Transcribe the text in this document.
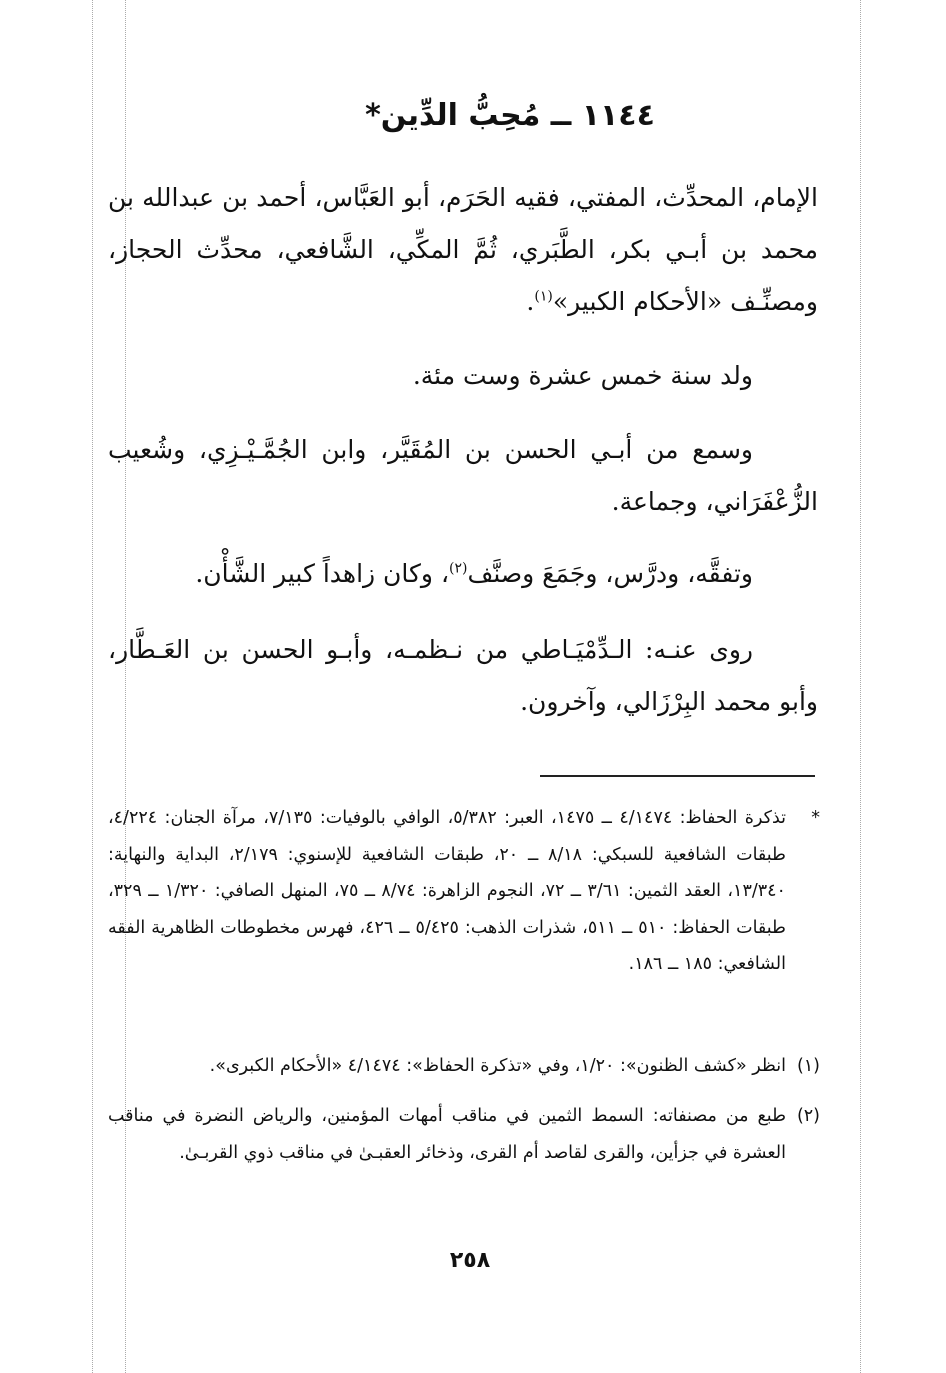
١١٤٤ ــ مُحِبُّ الدِّين*
الإمام، المحدِّث، المفتي، فقيه الحَرَم، أبو العَبَّاس، أحمد بن عبدالله بن محمد بن أبـي بكر، الطَّبَري، ثُمَّ المكِّي، الشَّافعي، محدِّث الحجاز، ومصنِّـف «الأحكام الكبير»$^{(١)}$.
ولد سنة خمس عشرة وست مئة.
وسمع من أبـي الحسن بن المُقَيَّر، وابن الجُمَّـيْـزِي، وشُعيب الزُّعْفَرَاني، وجماعة.
وتفقَّه، ودرَّس، وجَمَعَ وصنَّف$^{(٢)}$، وكان زاهداً كبير الشَّأْن.
روى عنـه: الـدِّمْيَـاطي من نـظمـه، وأبـو الحسن بن العَـطَّار، وأبو محمد البِرْزَالي، وآخرون.
*
تذكرة الحفاظ: ٤/١٤٧٤ ــ ١٤٧٥، العبر: ٥/٣٨٢، الوافي بالوفيات: ٧/١٣٥، مرآة الجنان: ٤/٢٢٤، طبقات الشافعية للسبكي: ٨/١٨ ــ ٢٠، طبقات الشافعية للإسنوي: ٢/١٧٩، البداية والنهاية: ١٣/٣٤٠، العقد الثمين: ٣/٦١ ــ ٧٢، النجوم الزاهرة: ٨/٧٤ ــ ٧٥، المنهل الصافي: ١/٣٢٠ ــ ٣٢٩، طبقات الحفاظ: ٥١٠ ــ ٥١١، شذرات الذهب: ٥/٤٢٥ ــ ٤٢٦، فهرس مخطوطات الظاهرية الفقه الشافعي: ١٨٥ ــ ١٨٦.
(١)
انظر «كشف الظنون»: ١/٢٠، وفي «تذكرة الحفاظ»: ٤/١٤٧٤ «الأحكام الكبرى».
(٢)
طبع من مصنفاته: السمط الثمين في مناقب أمهات المؤمنين، والرياض النضرة في مناقب العشرة في جزأين، والقرى لقاصد أم القرى، وذخائر العقبـىٰ في مناقب ذوي القربـىٰ.
٢٥٨
